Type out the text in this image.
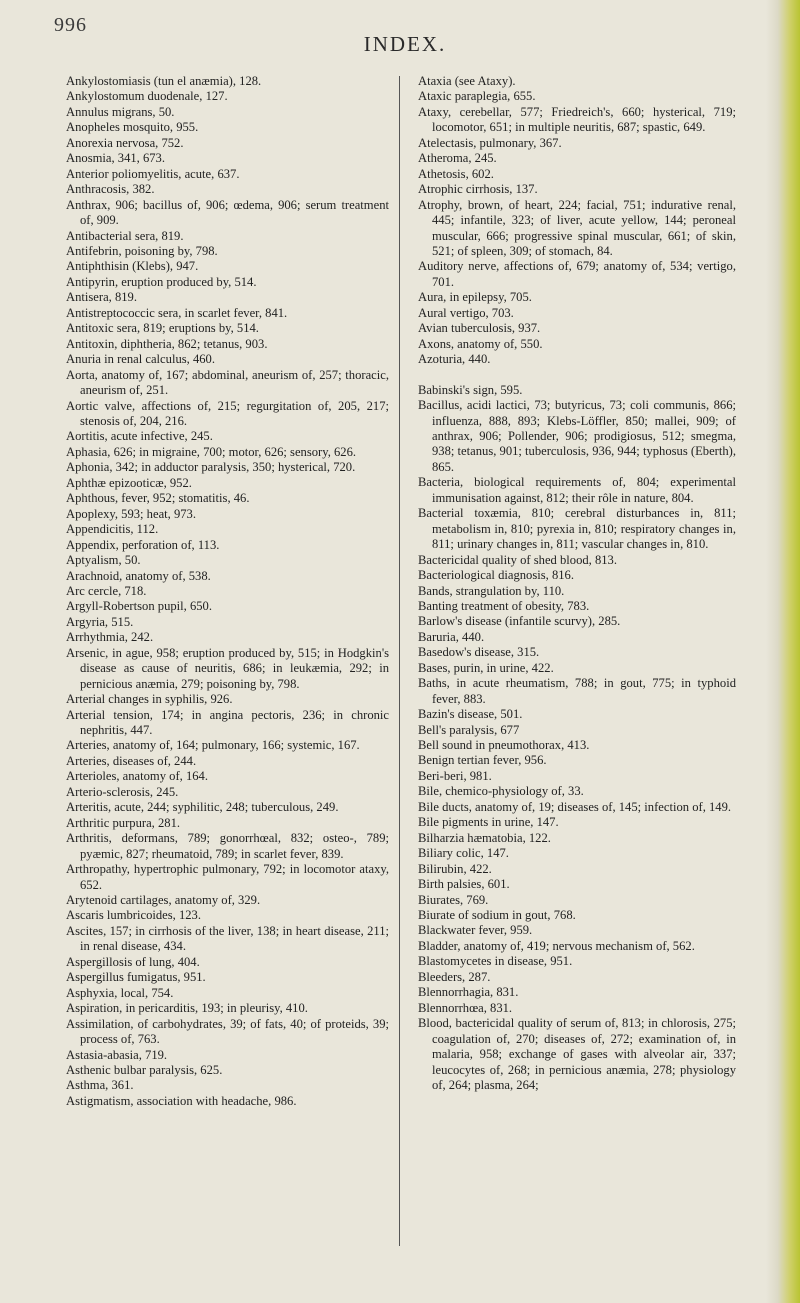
996
INDEX.

Ankylostomiasis (tun el anæmia), 128.

Ankylostomum duodenale, 127.

Annulus migrans, 50.

Anopheles mosquito, 955.

Anorexia nervosa, 752.

Anosmia, 341, 673.

Anterior poliomyelitis, acute, 637.

Anthracosis, 382.

Anthrax, 906; bacillus of, 906; œdema, 906; serum treatment of, 909.

Antibacterial sera, 819.

Antifebrin, poisoning by, 798.

Antiphthisin (Klebs), 947.

Antipyrin, eruption produced by, 514.

Antisera, 819.

Antistreptococcic sera, in scarlet fever, 841.

Antitoxic sera, 819; eruptions by, 514.

Antitoxin, diphtheria, 862; tetanus, 903.

Anuria in renal calculus, 460.

Aorta, anatomy of, 167; abdominal, aneurism of, 257; thoracic, aneurism of, 251.

Aortic valve, affections of, 215; regurgitation of, 205, 217; stenosis of, 204, 216.

Aortitis, acute infective, 245.

Aphasia, 626; in migraine, 700; motor, 626; sensory, 626.

Aphonia, 342; in adductor paralysis, 350; hysterical, 720.

Aphthæ epizooticæ, 952.

Aphthous, fever, 952; stomatitis, 46.

Apoplexy, 593; heat, 973.

Appendicitis, 112.

Appendix, perforation of, 113.

Aptyalism, 50.

Arachnoid, anatomy of, 538.

Arc cercle, 718.

Argyll-Robertson pupil, 650.

Argyria, 515.

Arrhythmia, 242.

Arsenic, in ague, 958; eruption produced by, 515; in Hodgkin's disease as cause of neuritis, 686; in leukæmia, 292; in pernicious anæmia, 279; poisoning by, 798.

Arterial changes in syphilis, 926.

Arterial tension, 174; in angina pectoris, 236; in chronic nephritis, 447.

Arteries, anatomy of, 164; pulmonary, 166; systemic, 167.

Arteries, diseases of, 244.

Arterioles, anatomy of, 164.

Arterio-sclerosis, 245.

Arteritis, acute, 244; syphilitic, 248; tuberculous, 249.

Arthritic purpura, 281.

Arthritis, deformans, 789; gonorrhœal, 832; osteo-, 789; pyæmic, 827; rheumatoid, 789; in scarlet fever, 839.

Arthropathy, hypertrophic pulmonary, 792; in locomotor ataxy, 652.

Arytenoid cartilages, anatomy of, 329.

Ascaris lumbricoides, 123.

Ascites, 157; in cirrhosis of the liver, 138; in heart disease, 211; in renal disease, 434.

Aspergillosis of lung, 404.

Aspergillus fumigatus, 951.

Asphyxia, local, 754.

Aspiration, in pericarditis, 193; in pleurisy, 410.

Assimilation, of carbohydrates, 39; of fats, 40; of proteids, 39; process of, 763.

Astasia-abasia, 719.

Asthenic bulbar paralysis, 625.

Asthma, 361.

Astigmatism, association with headache, 986.

Ataxia (see Ataxy).

Ataxic paraplegia, 655.

Ataxy, cerebellar, 577; Friedreich's, 660; hysterical, 719; locomotor, 651; in multiple neuritis, 687; spastic, 649.

Atelectasis, pulmonary, 367.

Atheroma, 245.

Athetosis, 602.

Atrophic cirrhosis, 137.

Atrophy, brown, of heart, 224; facial, 751; indurative renal, 445; infantile, 323; of liver, acute yellow, 144; peroneal muscular, 666; progressive spinal muscular, 661; of skin, 521; of spleen, 309; of stomach, 84.

Auditory nerve, affections of, 679; anatomy of, 534; vertigo, 701.

Aura, in epilepsy, 705.

Aural vertigo, 703.

Avian tuberculosis, 937.

Axons, anatomy of, 550.

Azoturia, 440.

Babinski's sign, 595.

Bacillus, acidi lactici, 73; butyricus, 73; coli communis, 866; influenza, 888, 893; Klebs-Löffler, 850; mallei, 909; of anthrax, 906; Pollender, 906; prodigiosus, 512; smegma, 938; tetanus, 901; tuberculosis, 936, 944; typhosus (Eberth), 865.

Bacteria, biological requirements of, 804; experimental immunisation against, 812; their rôle in nature, 804.

Bacterial toxæmia, 810; cerebral disturbances in, 811; metabolism in, 810; pyrexia in, 810; respiratory changes in, 811; urinary changes in, 811; vascular changes in, 810.

Bactericidal quality of shed blood, 813.

Bacteriological diagnosis, 816.

Bands, strangulation by, 110.

Banting treatment of obesity, 783.

Barlow's disease (infantile scurvy), 285.

Baruria, 440.

Basedow's disease, 315.

Bases, purin, in urine, 422.

Baths, in acute rheumatism, 788; in gout, 775; in typhoid fever, 883.

Bazin's disease, 501.

Bell's paralysis, 677

Bell sound in pneumothorax, 413.

Benign tertian fever, 956.

Beri-beri, 981.

Bile, chemico-physiology of, 33.

Bile ducts, anatomy of, 19; diseases of, 145; infection of, 149.

Bile pigments in urine, 147.

Bilharzia hæmatobia, 122.

Biliary colic, 147.

Bilirubin, 422.

Birth palsies, 601.

Biurates, 769.

Biurate of sodium in gout, 768.

Blackwater fever, 959.

Bladder, anatomy of, 419; nervous mechanism of, 562.

Blastomycetes in disease, 951.

Bleeders, 287.

Blennorrhagia, 831.

Blennorrhœa, 831.

Blood, bactericidal quality of serum of, 813; in chlorosis, 275; coagulation of, 270; diseases of, 272; examination of, in malaria, 958; exchange of gases with alveolar air, 337; leucocytes of, 268; in pernicious anæmia, 278; physiology of, 264; plasma, 264;
